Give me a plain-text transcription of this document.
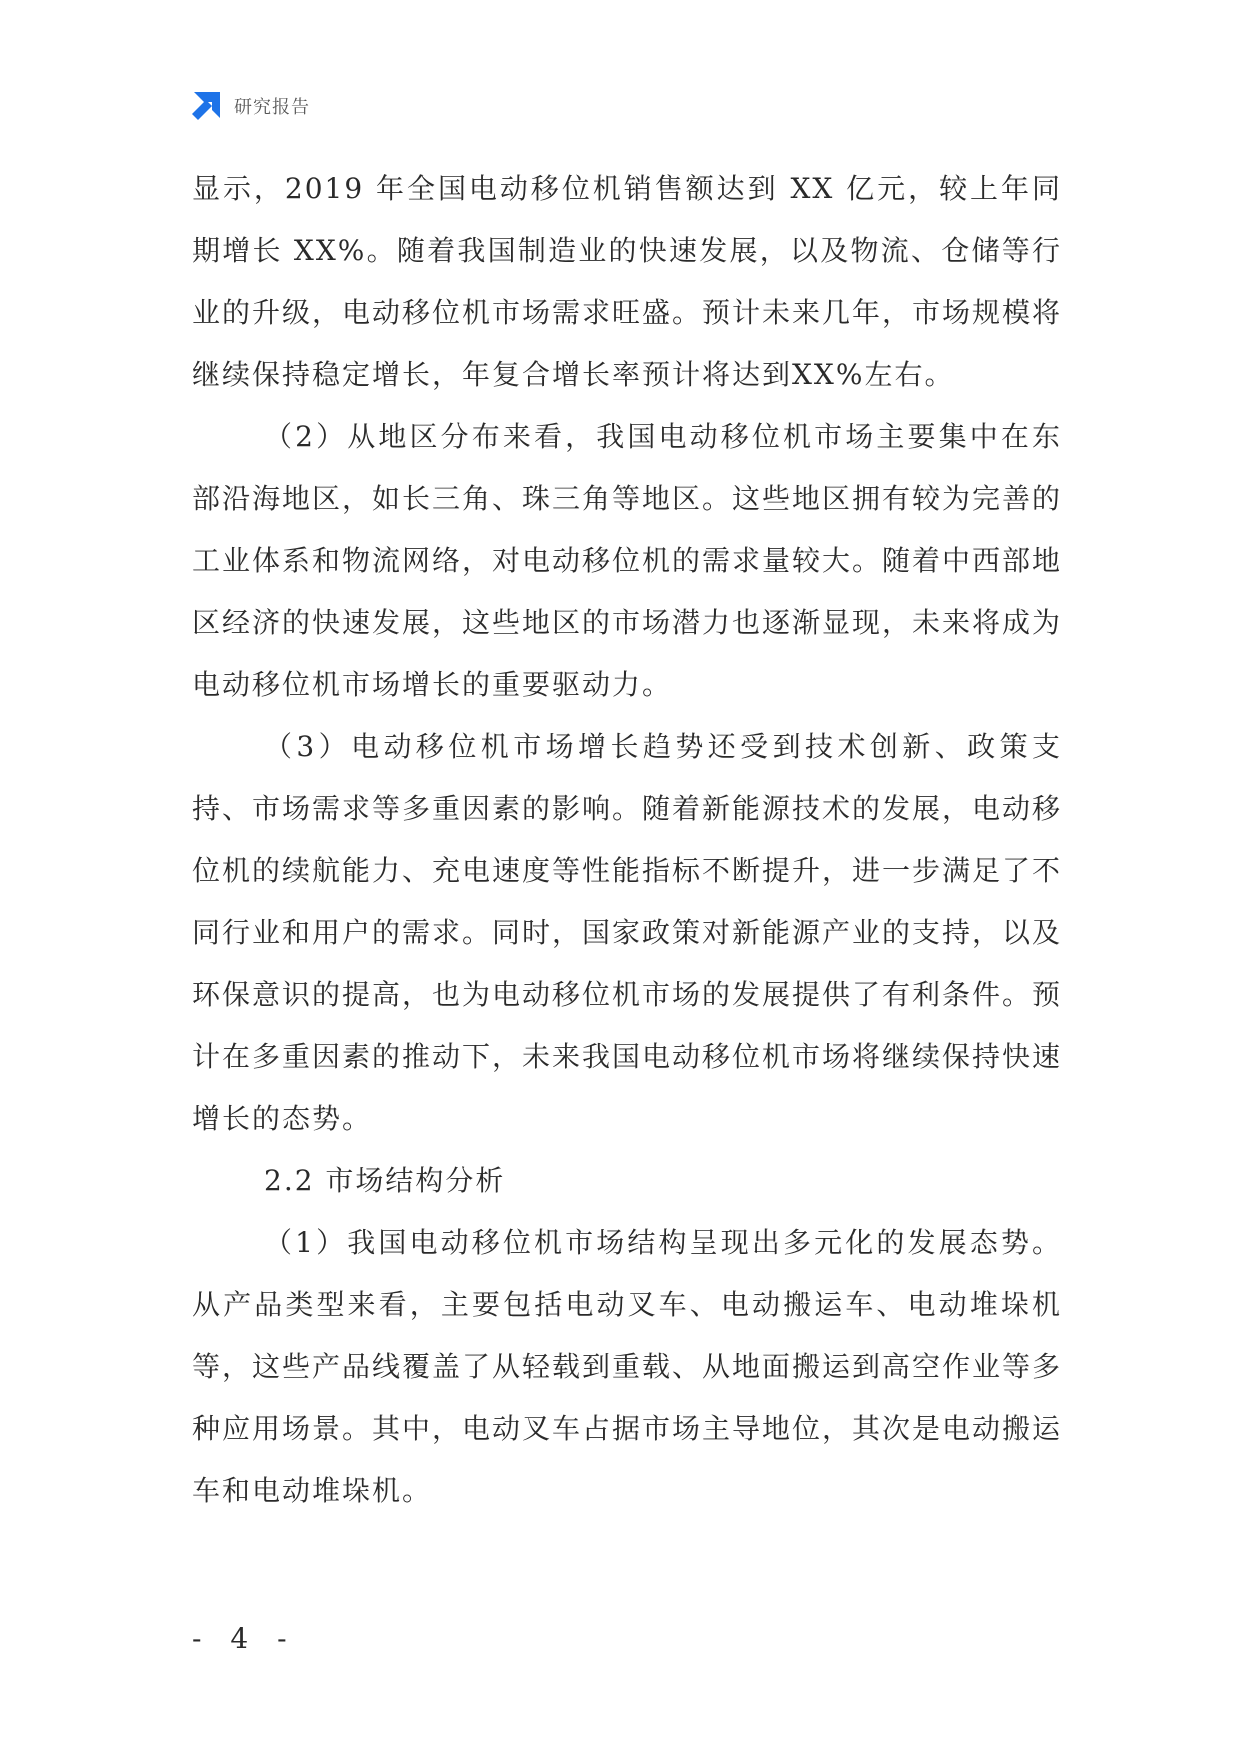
研究报告

显示，2019 年全国电动移位机销售额达到 XX 亿元，较上年同期增长 XX%。随着我国制造业的快速发展，以及物流、仓储等行业的升级，电动移位机市场需求旺盛。预计未来几年，市场规模将继续保持稳定增长，年复合增长率预计将达到XX%左右。

（2）从地区分布来看，我国电动移位机市场主要集中在东部沿海地区，如长三角、珠三角等地区。这些地区拥有较为完善的工业体系和物流网络，对电动移位机的需求量较大。随着中西部地区经济的快速发展，这些地区的市场潜力也逐渐显现，未来将成为电动移位机市场增长的重要驱动力。

（3）电动移位机市场增长趋势还受到技术创新、政策支持、市场需求等多重因素的影响。随着新能源技术的发展，电动移位机的续航能力、充电速度等性能指标不断提升，进一步满足了不同行业和用户的需求。同时，国家政策对新能源产业的支持，以及环保意识的提高，也为电动移位机市场的发展提供了有利条件。预计在多重因素的推动下，未来我国电动移位机市场将继续保持快速增长的态势。

2.2 市场结构分析

（1）我国电动移位机市场结构呈现出多元化的发展态势。从产品类型来看，主要包括电动叉车、电动搬运车、电动堆垛机等，这些产品线覆盖了从轻载到重载、从地面搬运到高空作业等多种应用场景。其中，电动叉车占据市场主导地位，其次是电动搬运车和电动堆垛机。

- 4 -
